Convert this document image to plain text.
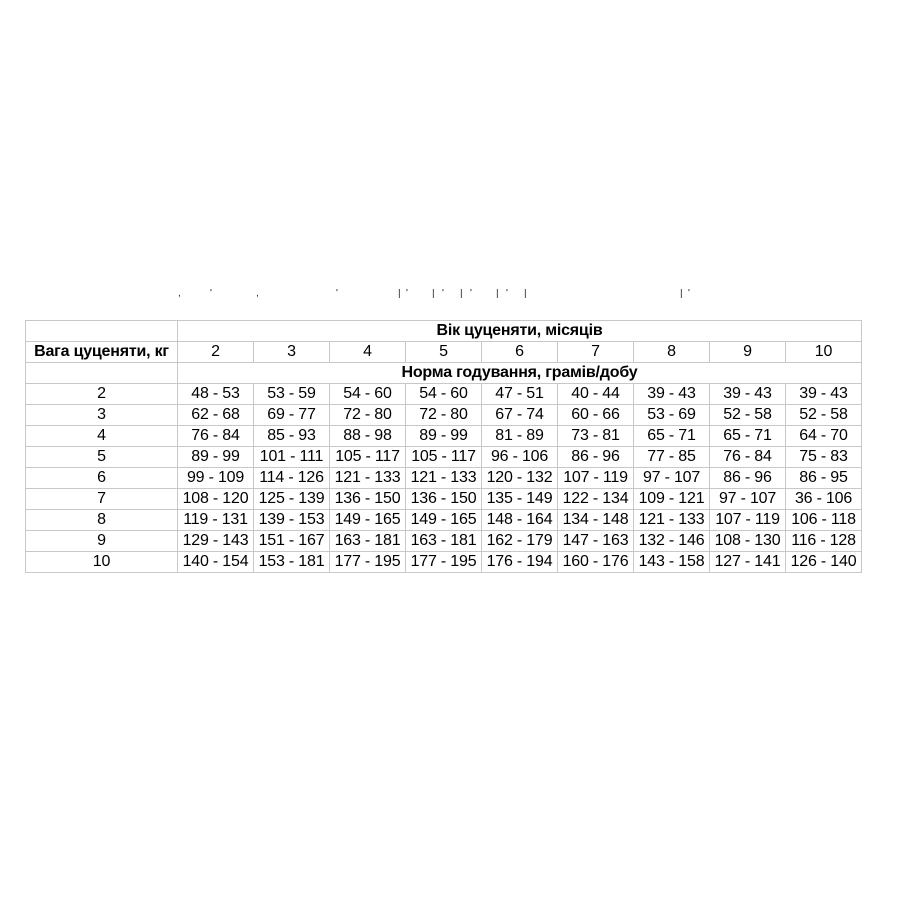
,	'	,	'	| ' | ' | ' | ' |	| '
	Вік цуценяти, місяців								
Вага цуценяти, кг	2	3	4	5	6	7	8	9	10
	Норма годування, грамів/добу								
2	48 - 53	53 - 59	54 - 60	54 - 60	47 - 51	40 - 44	39 - 43	39 - 43	39 - 43
3	62 - 68	69 - 77	72 - 80	72 - 80	67 - 74	60 - 66	53 - 69	52 - 58	52 - 58
4	76 - 84	85 - 93	88 - 98	89 - 99	81 - 89	73 - 81	65 - 71	65 - 71	64 - 70
5	89 - 99	101 - 111	105 - 117	105 - 117	96 - 106	86 - 96	77 - 85	76 - 84	75 - 83
6	99 - 109	114 - 126	121 - 133	121 - 133	120 - 132	107 - 119	97 - 107	86 - 96	86 - 95
7	108 - 120	125 - 139	136 - 150	136 - 150	135 - 149	122 - 134	109 - 121	97 - 107	36 - 106
8	119 - 131	139 - 153	149 - 165	149 - 165	148 - 164	134 - 148	121 - 133	107 - 119	106 - 118
9	129 - 143	151 - 167	163 - 181	163 - 181	162 - 179	147 - 163	132 - 146	108 - 130	116 - 128
10	140 - 154	153 - 181	177 - 195	177 - 195	176 - 194	160 - 176	143 - 158	127 - 141	126 - 140
